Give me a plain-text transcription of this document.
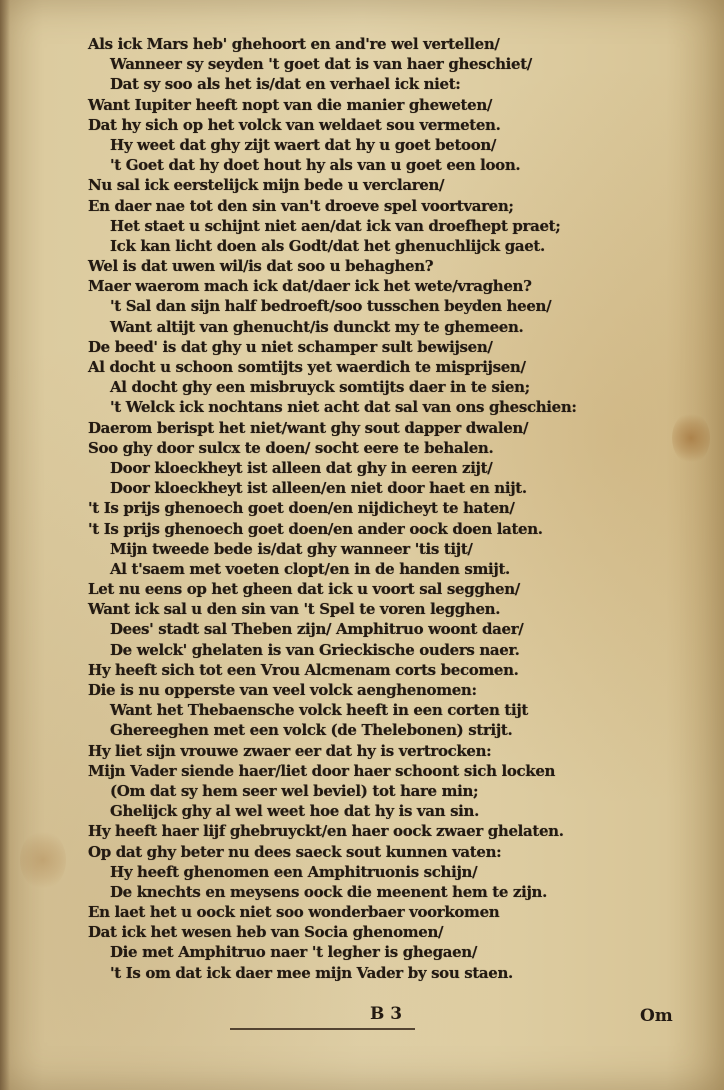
Als ick Mars heb' ghehoort en and're wel vertellen/
Wanneer sy seyden 't goet dat is van haer gheschiet/
Dat sy soo als het is/dat en verhael ick niet:
Want Iupiter heeft nopt van die manier gheweten/
Dat hy sich op het volck van weldaet sou vermeten.
Hy weet dat ghy zijt waert dat hy u goet betoon/
't Goet dat hy doet hout hy als van u goet een loon.
Nu sal ick eerstelijck mijn bede u verclaren/
En daer nae tot den sin van't droeve spel voortvaren;
Het staet u schijnt niet aen/dat ick van droefhept praet;
Ick kan licht doen als Godt/dat het ghenuchlijck gaet.
Wel is dat uwen wil/is dat soo u behaghen?
Maer waerom mach ick dat/daer ick het wete/vraghen?
't Sal dan sijn half bedroeft/soo tusschen beyden heen/
Want altijt van ghenucht/is dunckt my te ghemeen.
De beed' is dat ghy u niet schamper sult bewijsen/
Al docht u schoon somtijts yet waerdich te misprijsen/
Al docht ghy een misbruyck somtijts daer in te sien;
't Welck ick nochtans niet acht dat sal van ons gheschien:
Daerom berispt het niet/want ghy sout dapper dwalen/
Soo ghy door sulcx te doen/ socht eere te behalen.
Door kloeckheyt ist alleen dat ghy in eeren zijt/
Door kloeckheyt ist alleen/en niet door haet en nijt.
't Is prijs ghenoech goet doen/en nijdicheyt te haten/
't Is prijs ghenoech goet doen/en ander oock doen laten.
Mijn tweede bede is/dat ghy wanneer 'tis tijt/
Al t'saem met voeten clopt/en in de handen smijt.
Let nu eens op het gheen dat ick u voort sal segghen/
Want ick sal u den sin van 't Spel te voren legghen.
Dees' stadt sal Theben zijn/ Amphitruo woont daer/
De welck' ghelaten is van Grieckische ouders naer.
Hy heeft sich tot een Vrou Alcmenam corts becomen.
Die is nu opperste van veel volck aenghenomen:
Want het Thebaensche volck heeft in een corten tijt
Ghereeghen met een volck (de Thelebonen) strijt.
Hy liet sijn vrouwe zwaer eer dat hy is vertrocken:
Mijn Vader siende haer/liet door haer schoont sich locken
(Om dat sy hem seer wel beviel) tot hare min;
Ghelijck ghy al wel weet hoe dat hy is van sin.
Hy heeft haer lijf ghebruyckt/en haer oock zwaer ghelaten.
Op dat ghy beter nu dees saeck sout kunnen vaten:
Hy heeft ghenomen een Amphitruonis schijn/
De knechts en meysens oock die meenent hem te zijn.
En laet het u oock niet soo wonderbaer voorkomen
Dat ick het wesen heb van Socia ghenomen/
Die met Amphitruo naer 't legher is ghegaen/
't Is om dat ick daer mee mijn Vader by sou staen.
B 3	Om
